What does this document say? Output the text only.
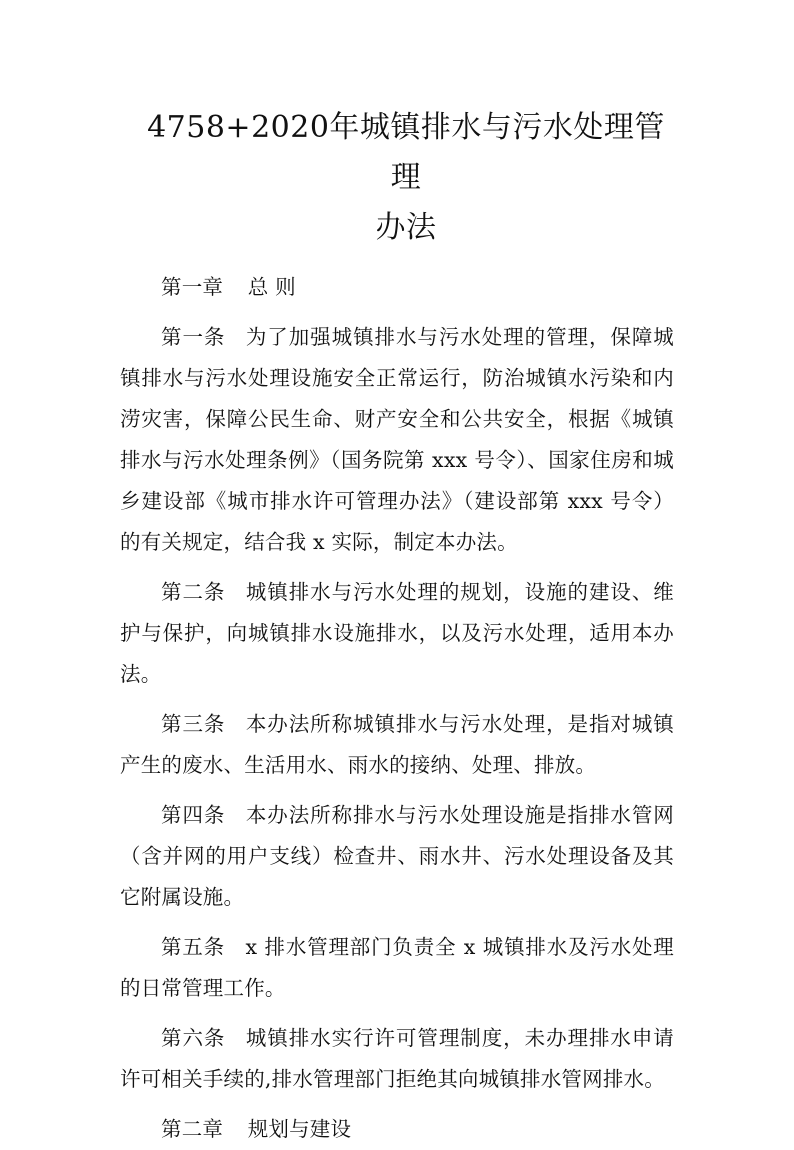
4758+2020年城镇排水与污水处理管理
办法

第一章 总 则

第一条 为了加强城镇排水与污水处理的管理，保障城镇排水与污水处理设施安全正常运行，防治城镇水污染和内涝灾害，保障公民生命、财产安全和公共安全，根据《城镇排水与污水处理条例》（国务院第 xxx 号令）、国家住房和城乡建设部《城市排水许可管理办法》（建设部第 xxx 号令）的有关规定，结合我 x 实际，制定本办法。

第二条 城镇排水与污水处理的规划，设施的建设、维护与保护，向城镇排水设施排水，以及污水处理，适用本办法。

第三条 本办法所称城镇排水与污水处理，是指对城镇产生的废水、生活用水、雨水的接纳、处理、排放。

第四条 本办法所称排水与污水处理设施是指排水管网（含并网的用户支线）检查井、雨水井、污水处理设备及其它附属设施。

第五条 x 排水管理部门负责全 x 城镇排水及污水处理的日常管理工作。

第六条 城镇排水实行许可管理制度，未办理排水申请许可相关手续的,排水管理部门拒绝其向城镇排水管网排水。

第二章 规划与建设
